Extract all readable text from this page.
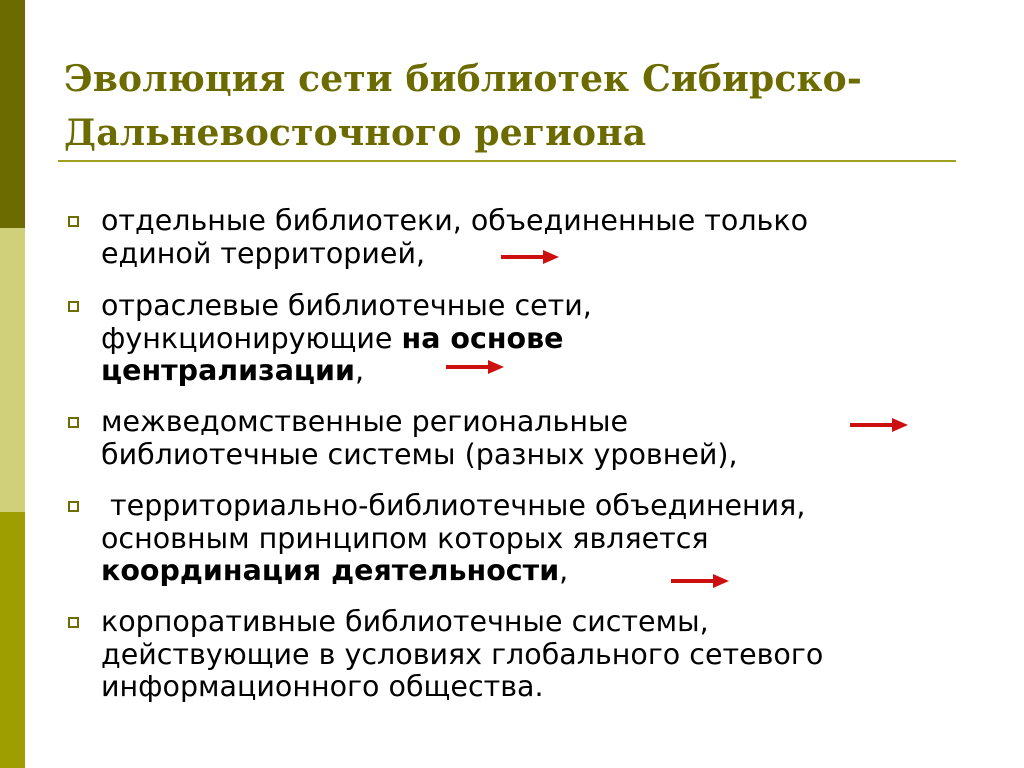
Эволюция сети библиотек Сибирско-
Дальневосточного региона
отдельные библиотеки, объединенные только
единой территорией,
отраслевые библиотечные сети,
функционирующие на основе
централизации,
межведомственные региональные
библиотечные системы (разных уровней),
территориально-библиотечные объединения,
основным принципом которых является
координация деятельности,
корпоративные библиотечные системы,
действующие в условиях глобального сетевого
информационного общества.
